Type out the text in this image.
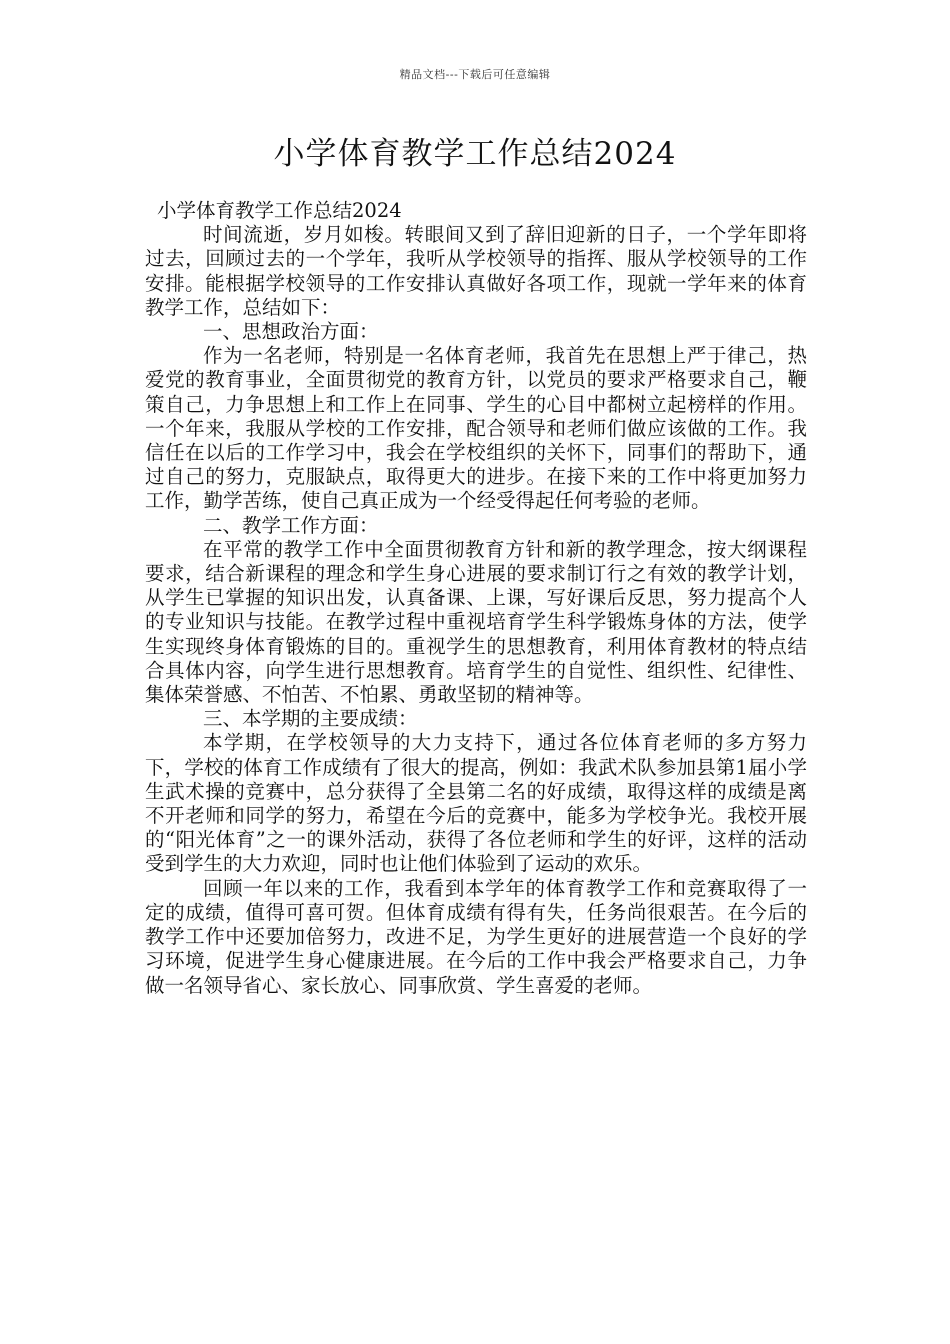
精品文档---下载后可任意编辑
小学体育教学工作总结2024

小学体育教学工作总结2024

时间流逝，岁月如梭。转眼间又到了辞旧迎新的日子，一个学年即将过去，回顾过去的一个学年，我听从学校领导的指挥、服从学校领导的工作安排。能根据学校领导的工作安排认真做好各项工作，现就一学年来的体育教学工作，总结如下：

一、思想政治方面：

作为一名老师，特别是一名体育老师，我首先在思想上严于律己，热爱党的教育事业，全面贯彻党的教育方针，以党员的要求严格要求自己，鞭策自己，力争思想上和工作上在同事、学生的心目中都树立起榜样的作用。一个年来，我服从学校的工作安排，配合领导和老师们做应该做的工作。我信任在以后的工作学习中，我会在学校组织的关怀下，同事们的帮助下，通过自己的努力，克服缺点，取得更大的进步。在接下来的工作中将更加努力工作，勤学苦练，使自己真正成为一个经受得起任何考验的老师。

二、教学工作方面：

在平常的教学工作中全面贯彻教育方针和新的教学理念，按大纲课程要求，结合新课程的理念和学生身心进展的要求制订行之有效的教学计划，从学生已掌握的知识出发，认真备课、上课，写好课后反思，努力提高个人的专业知识与技能。在教学过程中重视培育学生科学锻炼身体的方法，使学生实现终身体育锻炼的目的。重视学生的思想教育，利用体育教材的特点结合具体内容，向学生进行思想教育。培育学生的自觉性、组织性、纪律性、集体荣誉感、不怕苦、不怕累、勇敢坚韧的精神等。

三、本学期的主要成绩：

本学期，在学校领导的大力支持下，通过各位体育老师的多方努力下，学校的体育工作成绩有了很大的提高，例如：我武术队参加县第1届小学生武术操的竞赛中，总分获得了全县第二名的好成绩，取得这样的成绩是离不开老师和同学的努力，希望在今后的竞赛中，能多为学校争光。我校开展的“阳光体育”之一的课外活动，获得了各位老师和学生的好评，这样的活动受到学生的大力欢迎，同时也让他们体验到了运动的欢乐。

回顾一年以来的工作，我看到本学年的体育教学工作和竞赛取得了一定的成绩，值得可喜可贺。但体育成绩有得有失，任务尚很艰苦。在今后的教学工作中还要加倍努力，改进不足，为学生更好的进展营造一个良好的学习环境，促进学生身心健康进展。在今后的工作中我会严格要求自己，力争做一名领导省心、家长放心、同事欣赏、学生喜爱的老师。
